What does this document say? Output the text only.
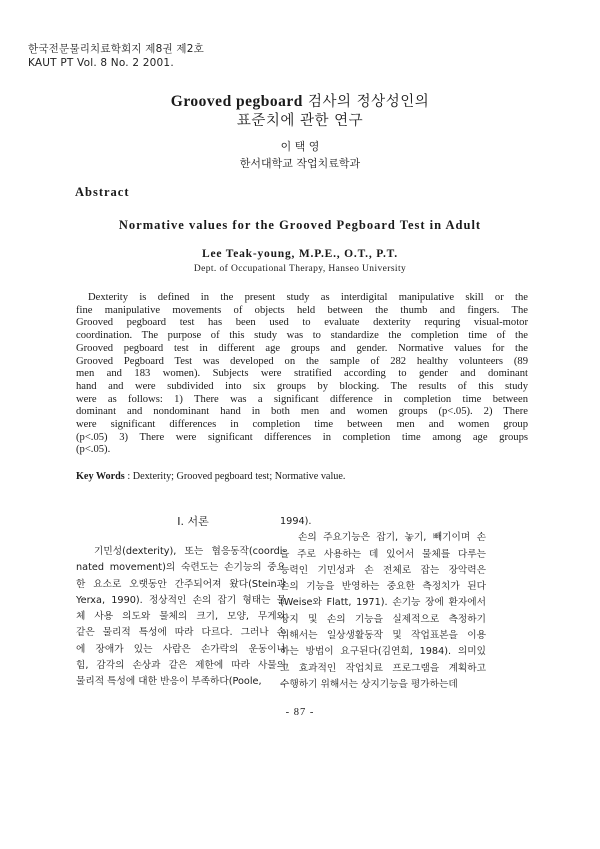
한국전문물리치료학회지 제8권 제2호
KAUT PT Vol. 8 No. 2 2001.
Grooved pegboard 검사의 정상성인의
표준치에 관한 연구
이 택 영
한서대학교 작업치료학과
Abstract
Normative values for the Grooved Pegboard Test in Adult
Lee Teak-young, M.P.E., O.T., P.T.
Dept. of Occupational Therapy, Hanseo University
Dexterity is defined in the present study as interdigital manipulative skill or the
fine manipulative movements of objects held between the thumb and fingers. The
Grooved pegboard test has been used to evaluate dexterity requring visual-motor
coordination. The purpose of this study was to standardize the completion time of the
Grooved pegboard test in different age groups and gender. Normative values for the
Grooved Pegboard Test was developed on the sample of 282 healthy volunteers (89
men and 183 women). Subjects were stratified according to gender and dominant
hand and were subdivided into six groups by blocking. The results of this study
were as follows: 1) There was a significant difference in completion time between
dominant and nondominant hand in both men and women groups (p<.05). 2) There
were significant differences in completion time between men and women group
(p<.05) 3) There were significant differences in completion time among age groups
(p<.05).
Key Words : Dexterity; Grooved pegboard test; Normative value.
Ⅰ. 서론
기민성(dexterity), 또는 협응동작(coordi-
nated movement)의 숙련도는 손기능의 중요
한 요소로 오랫동안 간주되어져 왔다(Stein과
Yerxa, 1990). 정상적인 손의 잡기 형태는 물
체 사용 의도와 물체의 크기, 모양, 무게와
같은 물리적 특성에 따라 다르다. 그러나 손
에 장애가 있는 사람은 손가락의 운동이나
힘, 감각의 손상과 같은 제한에 따라 사물의
물리적 특성에 대한 반응이 부족하다(Poole,
1994).
손의 주요기능은 잡기, 놓기, 빼기이며 손
을 주로 사용하는 데 있어서 물체를 다루는
능력인 기민성과 손 전체로 잡는 장악력은
손의 기능을 반영하는 중요한 측정치가 된다
(Weise와 Flatt, 1971). 손기능 장에 환자에서
상지 및 손의 기능을 실제적으로 측정하기
위해서는 일상생활동작 및 작업표본을 이용
하는 방법이 요구된다(김연희, 1984). 의미있
고 효과적인 작업치료 프로그램을 계획하고
수행하기 위해서는 상지기능을 평가하는데
- 87 -
